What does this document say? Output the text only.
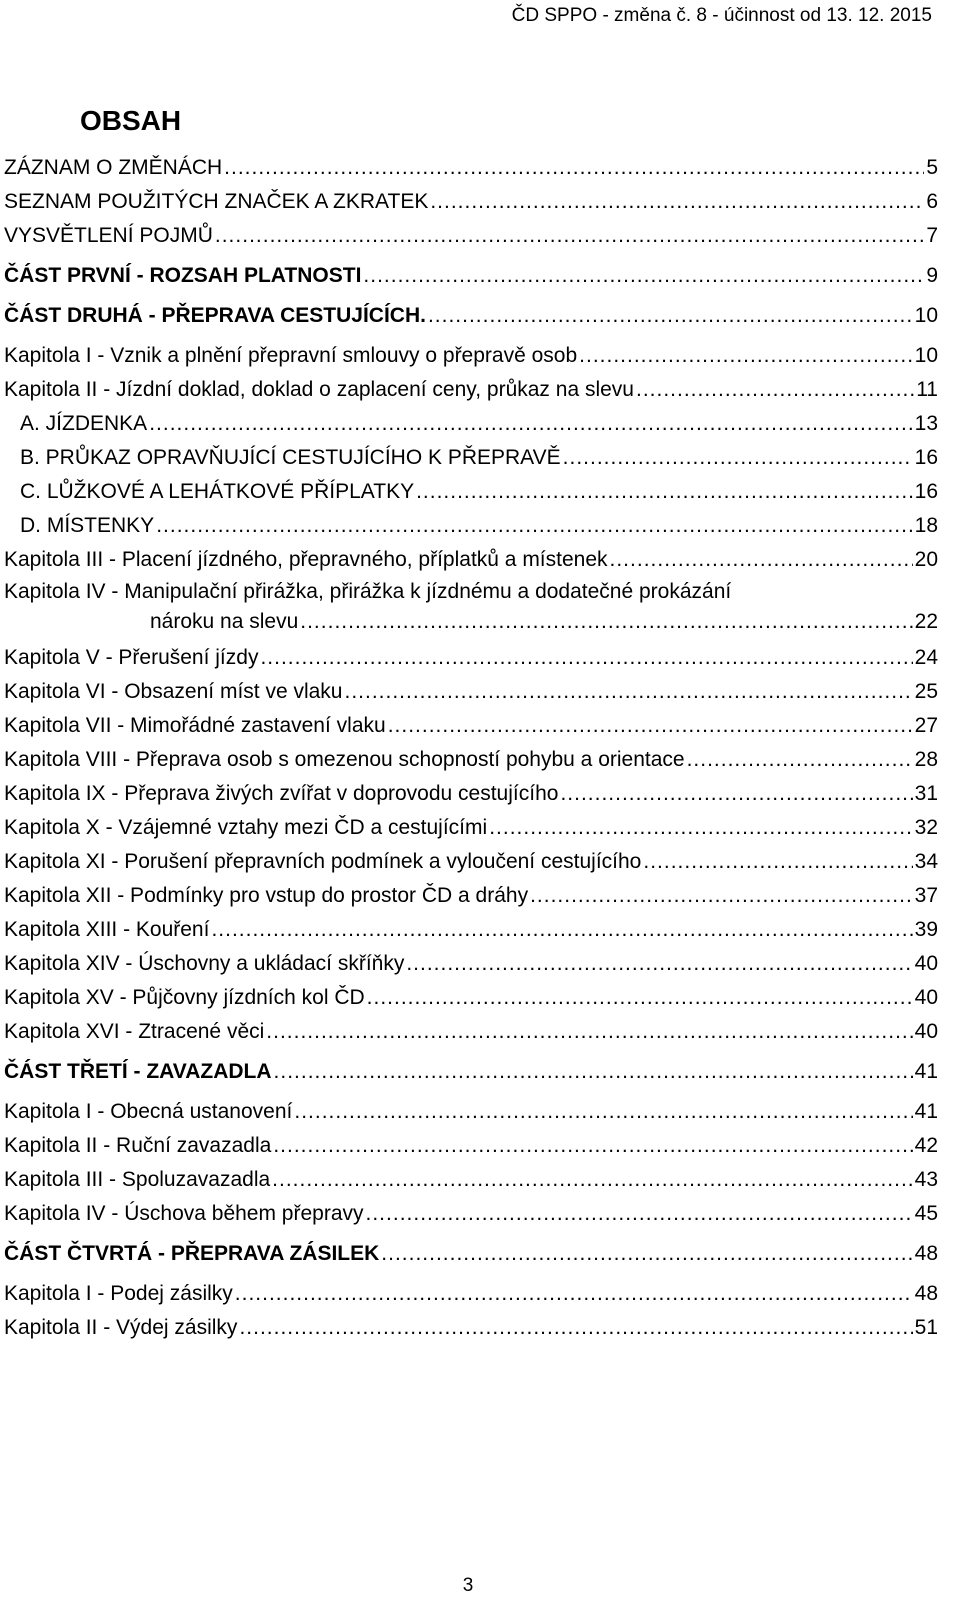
ČD SPPO - změna č. 8 - účinnost od 13. 12. 2015
OBSAH
ZÁZNAM O ZMĚNÁCH .....	5
SEZNAM POUŽITÝCH ZNAČEK A ZKRATEK .....	6
VYSVĚTLENÍ POJMŮ .....	7
ČÁST PRVNÍ - ROZSAH PLATNOSTI .....	9
ČÁST DRUHÁ - PŘEPRAVA CESTUJÍCÍCH. .....	10
Kapitola I - Vznik a plnění přepravní smlouvy o přepravě osob .....	10
Kapitola II - Jízdní doklad, doklad o zaplacení ceny, průkaz na slevu .....	11
A. JÍZDENKA .....	13
B. PRŮKAZ OPRAVŇUJÍCÍ CESTUJÍCÍHO K PŘEPRAVĚ .....	16
C. LŮŽKOVÉ A LEHÁTKOVÉ PŘÍPLATKY .....	16
D. MÍSTENKY .....	18
Kapitola III - Placení jízdného, přepravného, příplatků a místenek .....	20
Kapitola IV - Manipulační přirážka, přirážka k jízdnému a dodatečné prokázání
nároku na slevu .....	22
Kapitola V - Přerušení jízdy .....	24
Kapitola VI - Obsazení míst ve vlaku .....	25
Kapitola VII - Mimořádné zastavení vlaku .....	27
Kapitola VIII - Přeprava osob s omezenou schopností pohybu a orientace .....	28
Kapitola IX - Přeprava živých zvířat v doprovodu cestujícího .....	31
Kapitola X - Vzájemné vztahy mezi ČD a cestujícími .....	32
Kapitola XI - Porušení přepravních podmínek a vyloučení cestujícího .....	34
Kapitola XII - Podmínky pro vstup do prostor ČD a dráhy .....	37
Kapitola XIII - Kouření .....	39
Kapitola XIV - Úschovny a ukládací skříňky .....	40
Kapitola XV - Půjčovny jízdních kol ČD .....	40
Kapitola XVI - Ztracené věci .....	40
ČÁST TŘETÍ - ZAVAZADLA .....	41
Kapitola I - Obecná ustanovení .....	41
Kapitola II - Ruční zavazadla .....	42
Kapitola III - Spoluzavazadla .....	43
Kapitola IV - Úschova během přepravy .....	45
ČÁST ČTVRTÁ - PŘEPRAVA ZÁSILEK .....	48
Kapitola I - Podej zásilky .....	48
Kapitola II - Výdej zásilky .....	51
3
